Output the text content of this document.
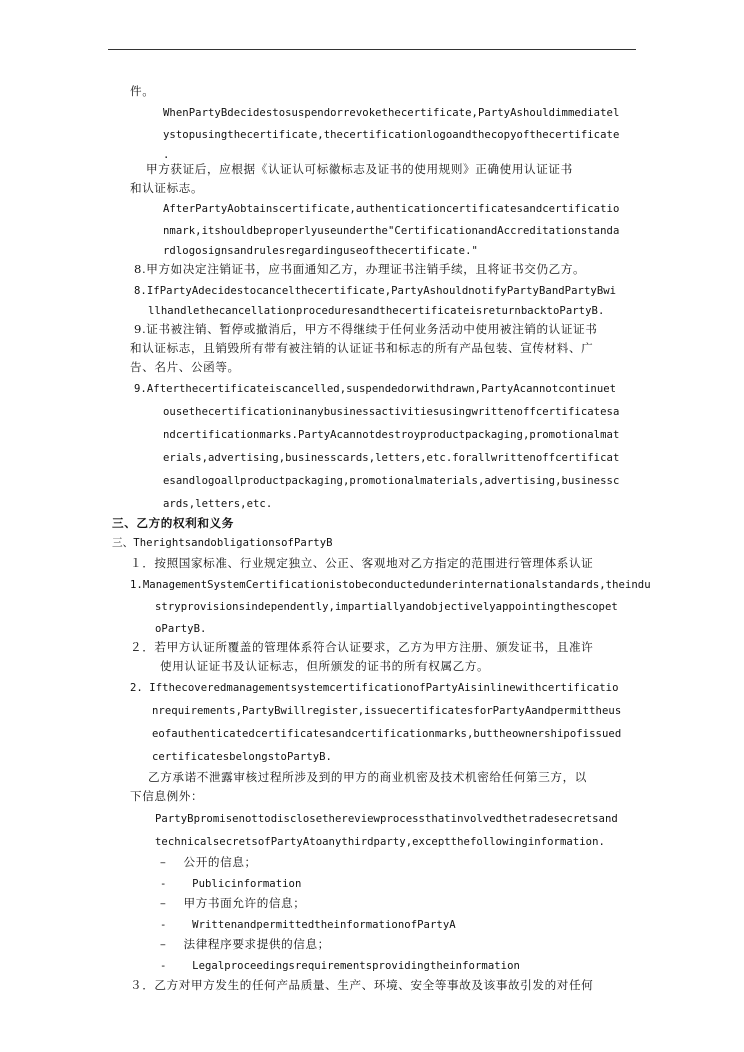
件。
WhenPartyBdecidestosuspendorrevokethecertificate,PartyAshouldimmediatel
ystopusingthecertificate,thecertificationlogoandthecopyofthecertificate
.
甲方获证后，应根据《认证认可标徽标志及证书的使用规则》正确使用认证证书
和认证标志。
AfterPartyAobtainscertificate,authenticationcertificatesandcertificatio
nmark,itshouldbeproperlyuseunderthe"CertificationandAccreditationstanda
rdlogosignsandrulesregardinguseofthecertificate."
8.甲方如决定注销证书，应书面通知乙方，办理证书注销手续，且将证书交仍乙方。
8.IfPartyAdecidestocancelthecertificate,PartyAshouldnotifyPartyBandPartyBwi
llhandlethecancellationproceduresandthecertificateisreturnbacktoPartyB.
9.证书被注销、暂停或撤消后，甲方不得继续于任何业务活动中使用被注销的认证证书
和认证标志，且销毁所有带有被注销的认证证书和标志的所有产品包装、宣传材料、广
告、名片、公函等。
9.Afterthecertificateiscancelled,suspendedorwithdrawn,PartyAcannotcontinuet
ousethecertificationinanybusinessactivitiesusingwrittenoffcertificatesa
ndcertificationmarks.PartyAcannotdestroyproductpackaging,promotionalmat
erials,advertising,businesscards,letters,etc.forallwrittenoffcertificat
esandlogoallproductpackaging,promotionalmaterials,advertising,businessc
ards,letters,etc.
三、乙方的权利和义务
三、TherightsandobligationsofPartyB
１．按照国家标准、行业规定独立、公正、客观地对乙方指定的范围进行管理体系认证
1.ManagementSystemCertificationistobeconductedunderinternationalstandards,theindu
stryprovisionsindependently,impartiallyandobjectivelyappointingthescopet
oPartyB.
２．若甲方认证所覆盖的管理体系符合认证要求，乙方为甲方注册、颁发证书，且准许
使用认证证书及认证标志，但所颁发的证书的所有权属乙方。
2. IfthecoveredmanagementsystemcertificationofPartyAisinlinewithcertificatio
nrequirements,PartyBwillregister,issuecertificatesforPartyAandpermittheus
eofauthenticatedcertificatesandcertificationmarks,buttheownershipofissued
certificatesbelongstoPartyB.
乙方承诺不泄露审核过程所涉及到的甲方的商业机密及技术机密给任何第三方，以
下信息例外：
PartyBpromisenottodisclosethereviewprocessthatinvolvedthetradesecretsand
technicalsecretsofPartyAtoanythirdparty,exceptthefollowinginformation.
–    公开的信息；
-    Publicinformation
–    甲方书面允许的信息；
-    WrittenandpermittedtheinformationofPartyA
–    法律程序要求提供的信息；
-    Legalproceedingsrequirementsprovidingtheinformation
３．乙方对甲方发生的任何产品质量、生产、环境、安全等事故及该事故引发的对任何
